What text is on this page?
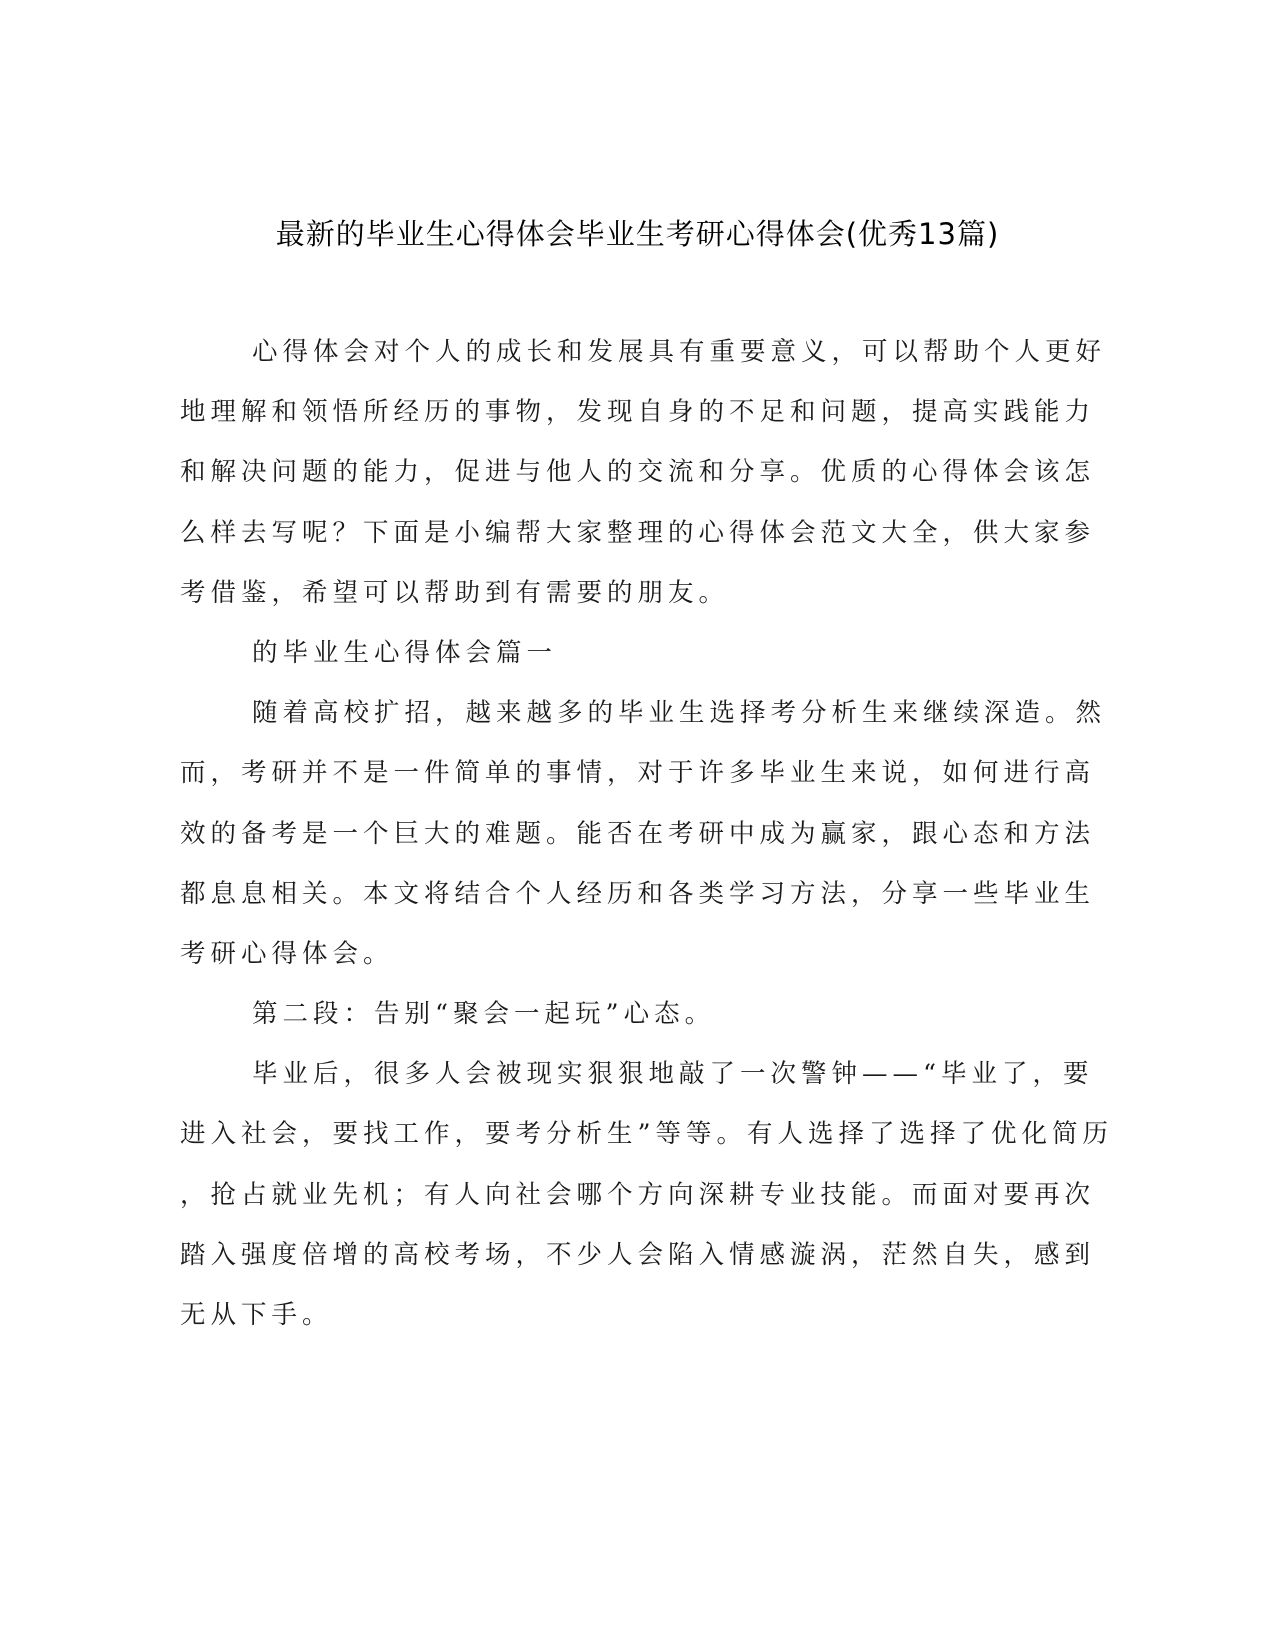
最新的毕业生心得体会毕业生考研心得体会(优秀13篇)
心得体会对个人的成长和发展具有重要意义，可以帮助个人更好
地理解和领悟所经历的事物，发现自身的不足和问题，提高实践能力
和解决问题的能力，促进与他人的交流和分享。优质的心得体会该怎
么样去写呢？下面是小编帮大家整理的心得体会范文大全，供大家参
考借鉴，希望可以帮助到有需要的朋友。
的毕业生心得体会篇一
随着高校扩招，越来越多的毕业生选择考分析生来继续深造。然
而，考研并不是一件简单的事情，对于许多毕业生来说，如何进行高
效的备考是一个巨大的难题。能否在考研中成为赢家，跟心态和方法
都息息相关。本文将结合个人经历和各类学习方法，分享一些毕业生
考研心得体会。
第二段：告别“聚会一起玩”心态。
毕业后，很多人会被现实狠狠地敲了一次警钟——“毕业了，要
进入社会，要找工作，要考分析生”等等。有人选择了选择了优化简历
，抢占就业先机；有人向社会哪个方向深耕专业技能。而面对要再次
踏入强度倍增的高校考场，不少人会陷入情感漩涡，茫然自失，感到
无从下手。
